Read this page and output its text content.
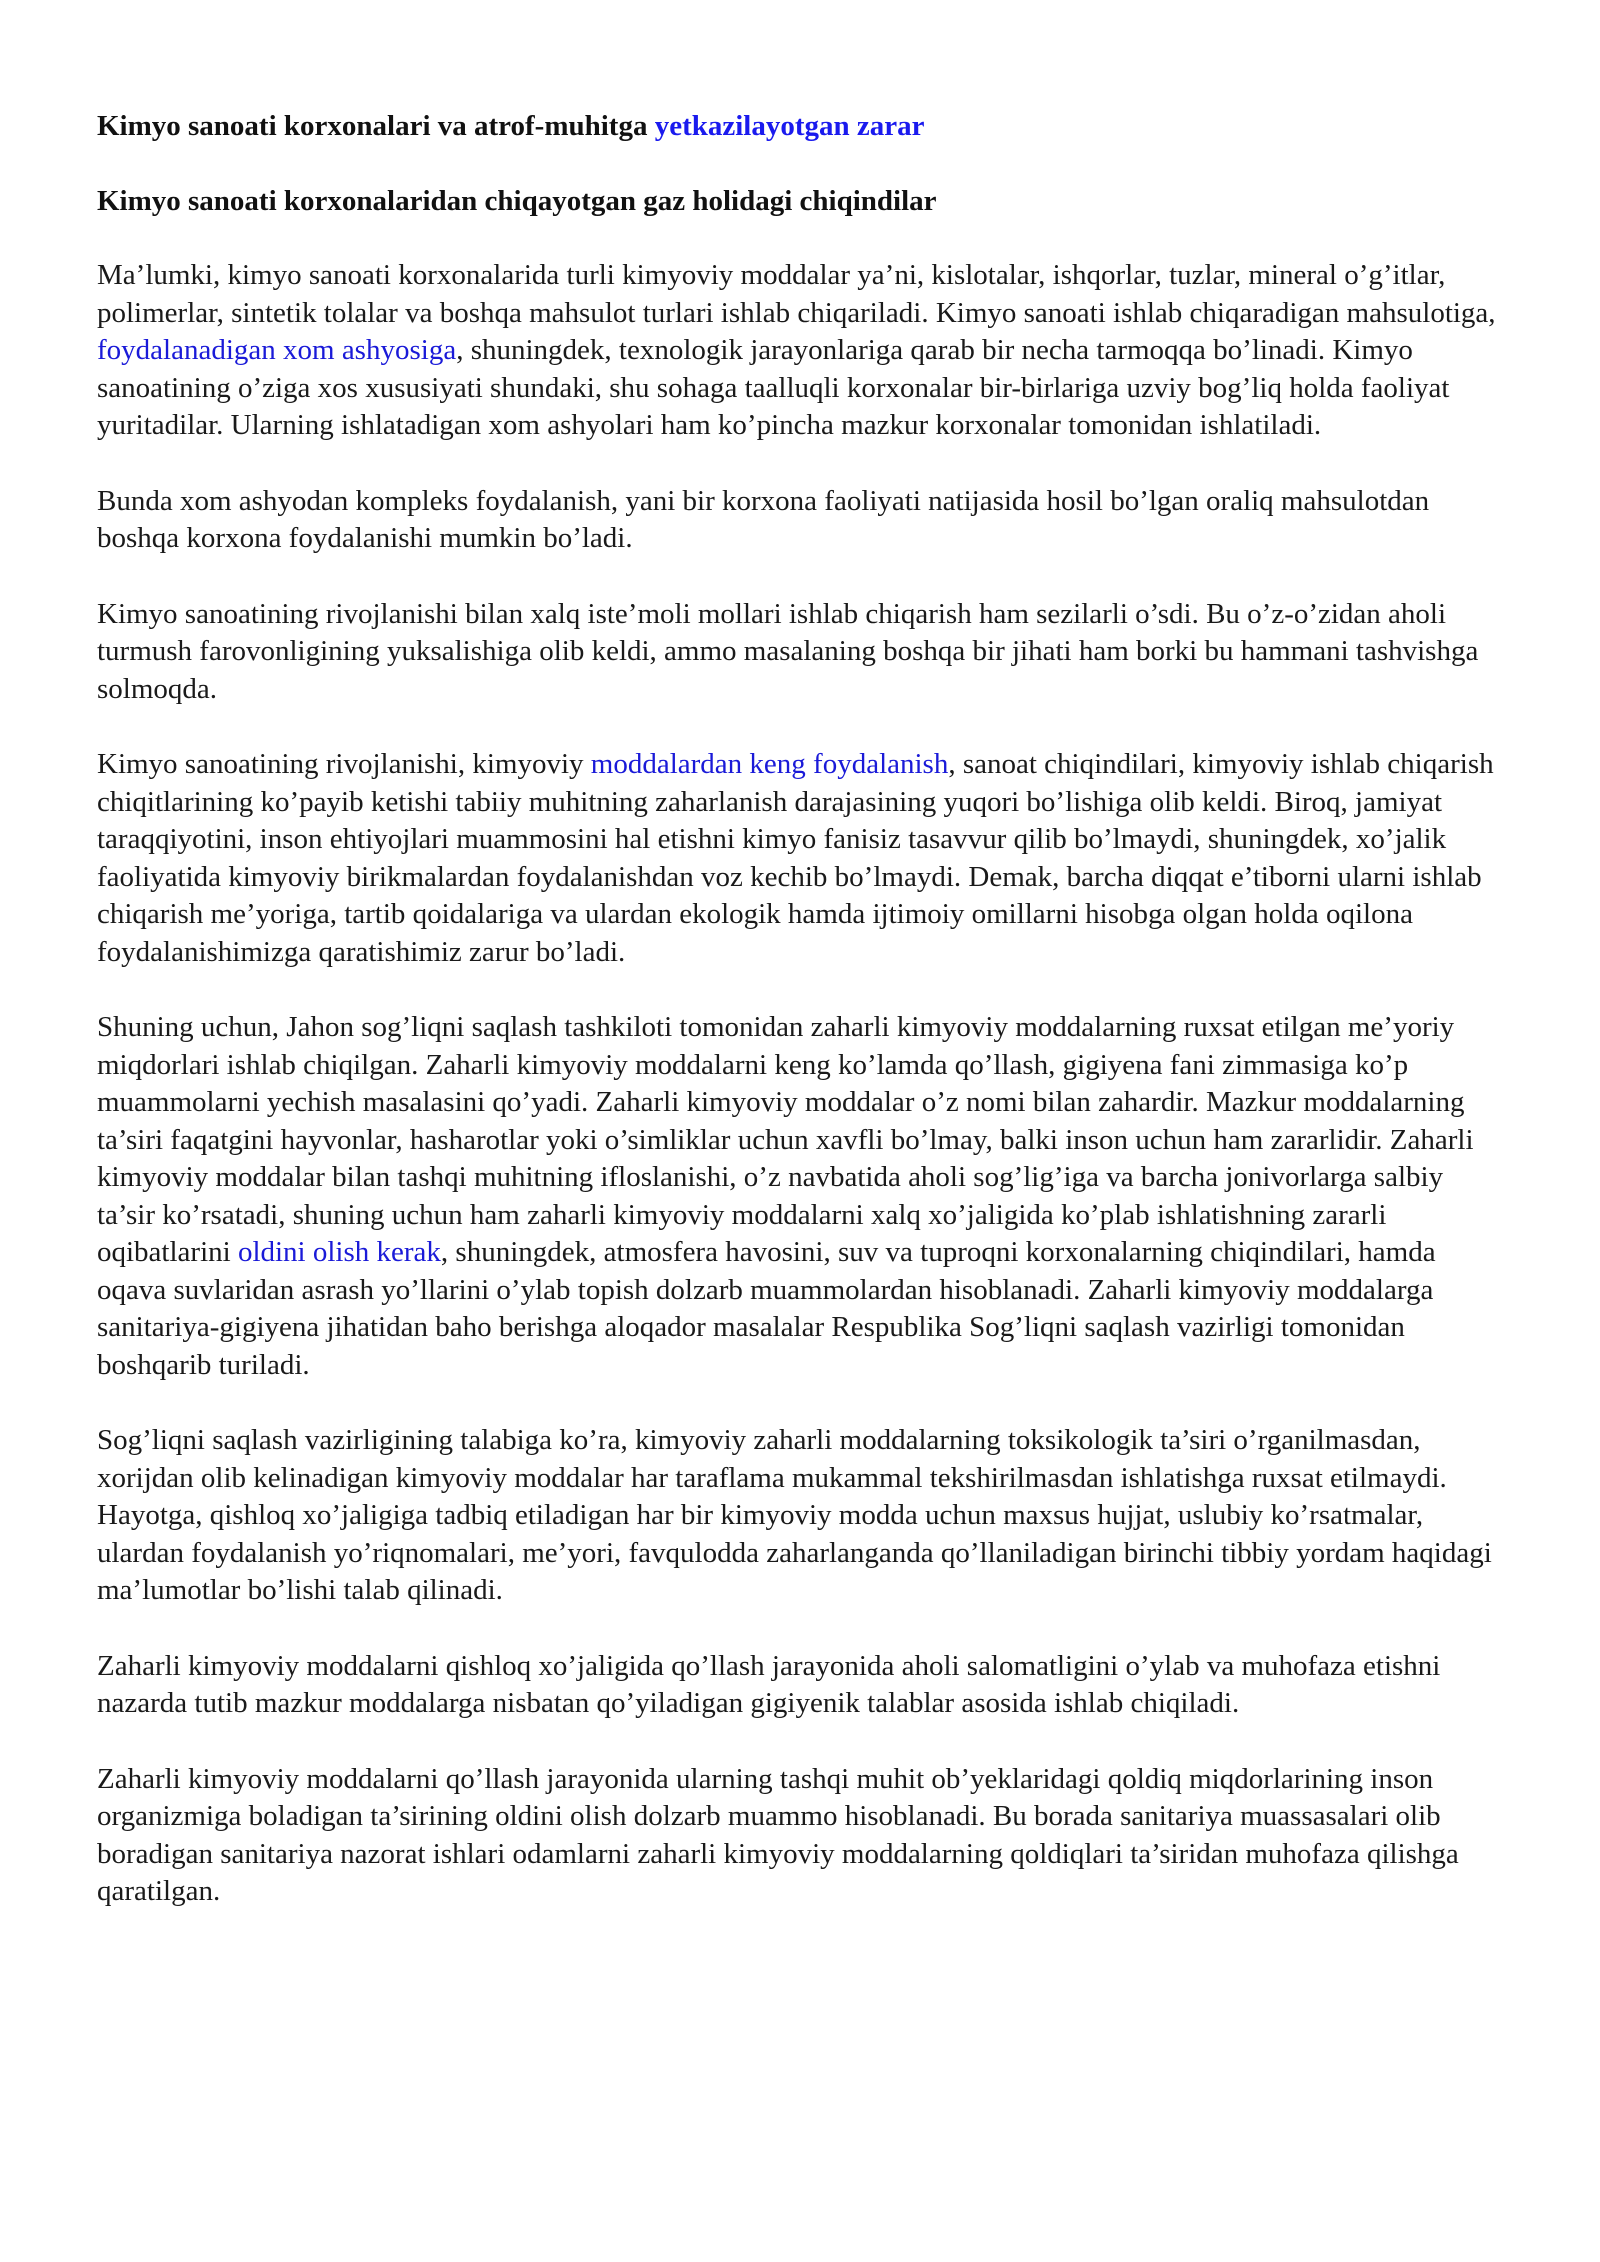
Kimyo sanoati korxonalari va atrof-muhitga yetkazilayotgan zarar
Kimyo sanoati korxonalaridan chiqayotgan gaz holidagi chiqindilar

Ma’lumki, kimyo sanoati korxonalarida turli kimyoviy moddalar ya’ni, kislotalar, ishqorlar, tuzlar, mineral o’g’itlar, polimerlar, sintetik tolalar va boshqa mahsulot turlari ishlab chiqariladi. Kimyo sanoati ishlab chiqaradigan mahsulotiga, foydalanadigan xom ashyosiga, shuningdek, texnologik jarayonlariga qarab bir necha tarmoqqa bo’linadi. Kimyo sanoatining o’ziga xos xususiyati shundaki, shu sohaga taalluqli korxonalar bir-birlariga uzviy bog’liq holda faoliyat yuritadilar. Ularning ishlatadigan xom ashyolari ham ko’pincha mazkur korxonalar tomonidan ishlatiladi.

Bunda xom ashyodan kompleks foydalanish, yani bir korxona faoliyati natijasida hosil bo’lgan oraliq mahsulotdan boshqa korxona foydalanishi mumkin bo’ladi.

Kimyo sanoatining rivojlanishi bilan xalq iste’moli mollari ishlab chiqarish ham sezilarli o’sdi. Bu o’z-o’zidan aholi turmush farovonligining yuksalishiga olib keldi, ammo masalaning boshqa bir jihati ham borki bu hammani tashvishga solmoqda.

Kimyo sanoatining rivojlanishi, kimyoviy moddalardan keng foydalanish, sanoat chiqindilari, kimyoviy ishlab chiqarish chiqitlarining ko’payib ketishi tabiiy muhitning zaharlanish darajasining yuqori bo’lishiga olib keldi. Biroq, jamiyat taraqqiyotini, inson ehtiyojlari muammosini hal etishni kimyo fanisiz tasavvur qilib bo’lmaydi, shuningdek, xo’jalik faoliyatida kimyoviy birikmalardan foydalanishdan voz kechib bo’lmaydi. Demak, barcha diqqat e’tiborni ularni ishlab chiqarish me’yoriga, tartib qoidalariga va ulardan ekologik hamda ijtimoiy omillarni hisobga olgan holda oqilona foydalanishimizga qaratishimiz zarur bo’ladi.

Shuning uchun, Jahon sog’liqni saqlash tashkiloti tomonidan zaharli kimyoviy moddalarning ruxsat etilgan me’yoriy miqdorlari ishlab chiqilgan. Zaharli kimyoviy moddalarni keng ko’lamda qo’llash, gigiyena fani zimmasiga ko’p muammolarni yechish masalasini qo’yadi. Zaharli kimyoviy moddalar o’z nomi bilan zahardir. Mazkur moddalarning ta’siri faqatgini hayvonlar, hasharotlar yoki o’simliklar uchun xavfli bo’lmay, balki inson uchun ham zararlidir. Zaharli kimyoviy moddalar bilan tashqi muhitning ifloslanishi, o’z navbatida aholi sog’lig’iga va barcha jonivorlarga salbiy ta’sir ko’rsatadi, shuning uchun ham zaharli kimyoviy moddalarni xalq xo’jaligida ko’plab ishlatishning zararli oqibatlarini oldini olish kerak, shuningdek, atmosfera havosini, suv va tuproqni korxonalarning chiqindilari, hamda oqava suvlaridan asrash yo’llarini o’ylab topish dolzarb muammolardan hisoblanadi. Zaharli kimyoviy moddalarga sanitariya-gigiyena jihatidan baho berishga aloqador masalalar Respublika Sog’liqni saqlash vazirligi tomonidan boshqarib turiladi.

Sog’liqni saqlash vazirligining talabiga ko’ra, kimyoviy zaharli moddalarning toksikologik ta’siri o’rganilmasdan, xorijdan olib kelinadigan kimyoviy moddalar har taraflama mukammal tekshirilmasdan ishlatishga ruxsat etilmaydi. Hayotga, qishloq xo’jaligiga tadbiq etiladigan har bir kimyoviy modda uchun maxsus hujjat, uslubiy ko’rsatmalar, ulardan foydalanish yo’riqnomalari, me’yori, favqulodda zaharlanganda qo’llaniladigan birinchi tibbiy yordam haqidagi ma’lumotlar bo’lishi talab qilinadi.

Zaharli kimyoviy moddalarni qishloq xo’jaligida qo’llash jarayonida aholi salomatligini o’ylab va muhofaza etishni nazarda tutib mazkur moddalarga nisbatan qo’yiladigan gigiyenik talablar asosida ishlab chiqiladi.

Zaharli kimyoviy moddalarni qo’llash jarayonida ularning tashqi muhit ob’yeklaridagi qoldiq miqdorlarining inson organizmiga boladigan ta’sirining oldini olish dolzarb muammo hisoblanadi. Bu borada sanitariya muassasalari olib boradigan sanitariya nazorat ishlari odamlarni zaharli kimyoviy moddalarning qoldiqlari ta’siridan muhofaza qilishga qaratilgan.
